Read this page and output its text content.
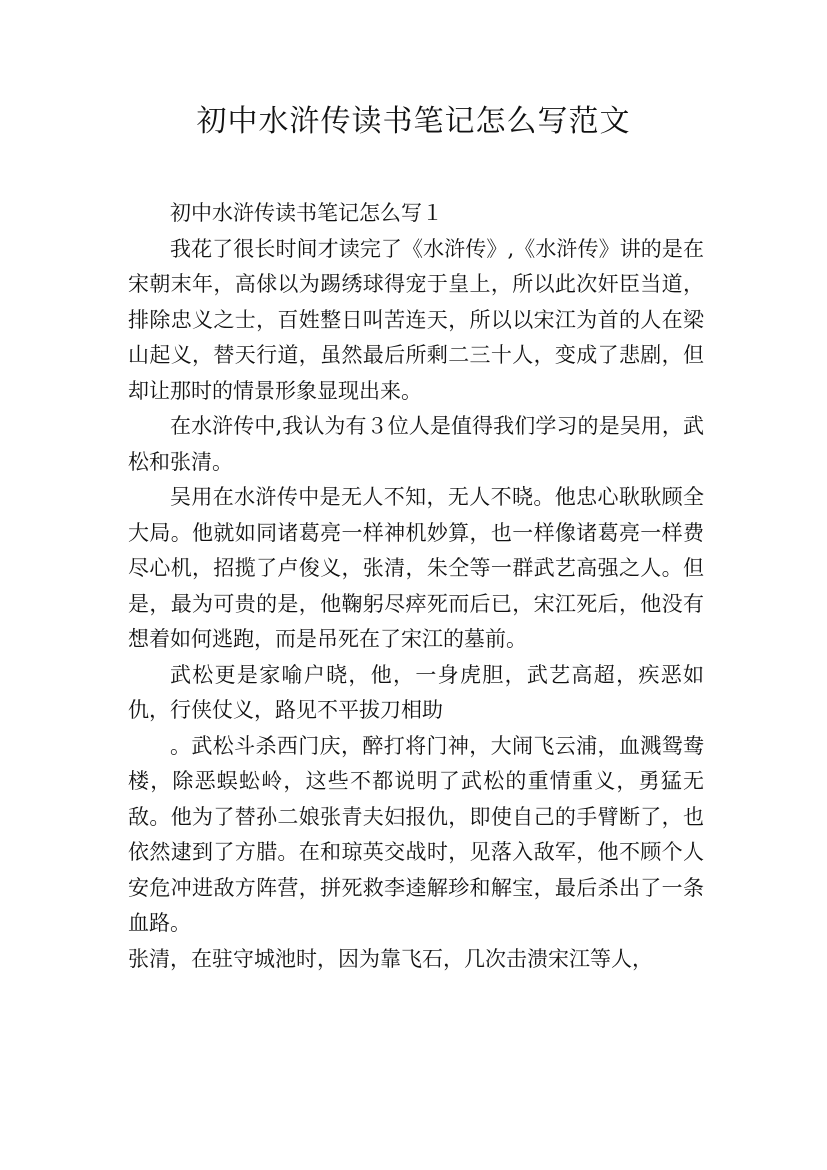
初中水浒传读书笔记怎么写范文

初中水浒传读书笔记怎么写１

我花了很长时间才读完了《水浒传》,《水浒传》讲的是在宋朝末年，高俅以为踢绣球得宠于皇上，所以此次奸臣当道，排除忠义之士，百姓整日叫苦连天，所以以宋江为首的人在梁山起义，替天行道，虽然最后所剩二三十人，变成了悲剧，但却让那时的情景形象显现出来。

在水浒传中,我认为有３位人是值得我们学习的是吴用，武松和张清。

吴用在水浒传中是无人不知，无人不晓。他忠心耿耿顾全大局。他就如同诸葛亮一样神机妙算，也一样像诸葛亮一样费尽心机，招揽了卢俊义，张清，朱仝等一群武艺高强之人。但是，最为可贵的是，他鞠躬尽瘁死而后已，宋江死后，他没有想着如何逃跑，而是吊死在了宋江的墓前。

武松更是家喻户晓，他，一身虎胆，武艺高超，疾恶如仇，行侠仗义，路见不平拔刀相助

。武松斗杀西门庆，醉打将门神，大闹飞云浦，血溅鸳鸯楼，除恶蜈蚣岭，这些不都说明了武松的重情重义，勇猛无敌。他为了替孙二娘张青夫妇报仇，即使自己的手臂断了，也依然逮到了方腊。在和琼英交战时，见落入敌军，他不顾个人安危冲进敌方阵营，拼死救李逵解珍和解宝，最后杀出了一条血路。

张清，在驻守城池时，因为靠飞石，几次击溃宋江等人，
